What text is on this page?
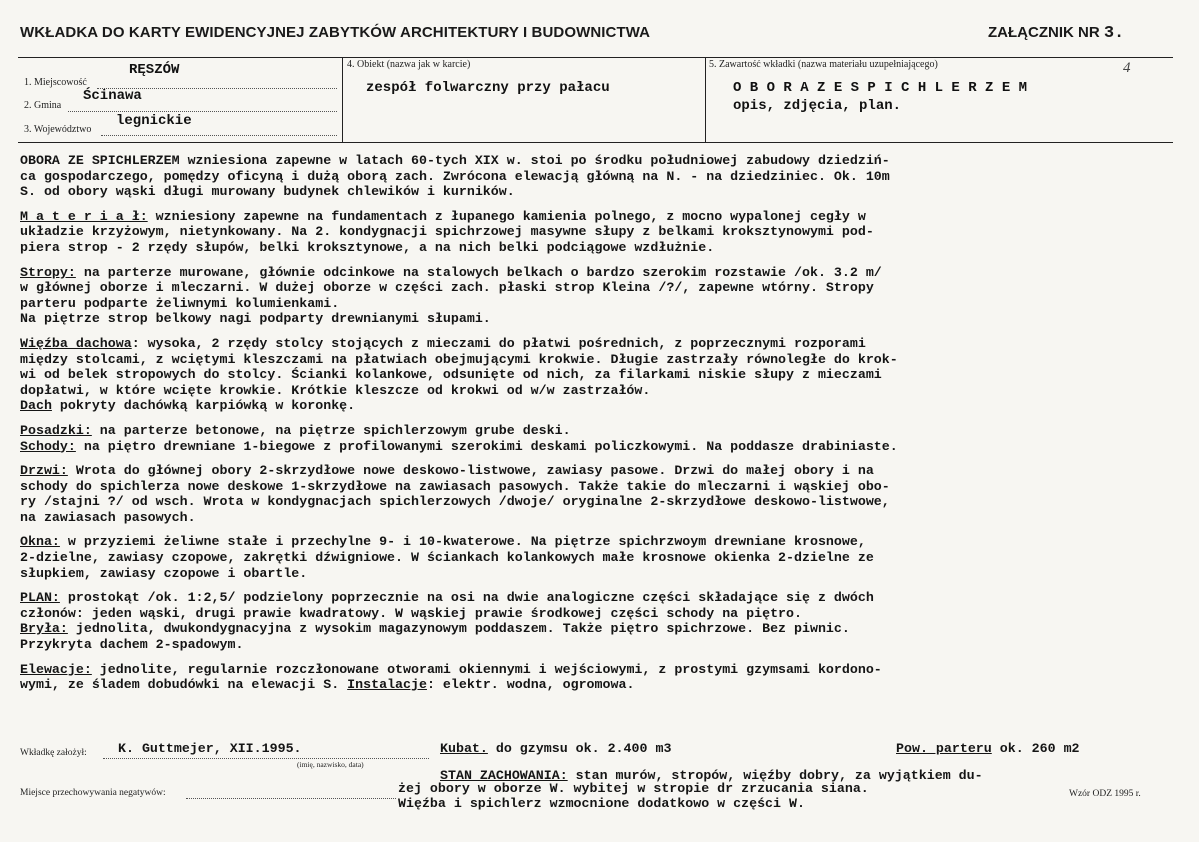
WKŁADKA DO KARTY EWIDENCYJNEJ ZABYTKÓW ARCHITEKTURY I BUDOWNICTWA	ZAŁĄCZNIK NR 3.
1. Miejscowość
RĘSZÓW
2. Gmina
Ścinawa
3. Województwo
legnickie
4. Obiekt (nazwa jak w karcie)
zespół folwarczny przy pałacu
5. Zawartość wkładki (nazwa materiału uzupełniającego)	4
O B O R A Z E S P I C H L E R Z E M
opis, zdjęcia, plan.
OBORA ZE SPICHLERZEM wzniesiona zapewne w latach 60-tych XIX w. stoi po środku południowej zabudowy dziedziń-
ca gospodarczego, pomędzy oficyną i dużą oborą zach. Zwrócona elewacją główną na N. - na dziedziniec. Ok. 10m
S. od obory wąski długi murowany budynek chlewików i kurników.
M a t e r i a ł: wzniesiony zapewne na fundamentach z łupanego kamienia polnego, z mocno wypalonej cegły w
układzie krzyżowym, nietynkowany. Na 2. kondygnacji spichrzowej masywne słupy z belkami kroksztynowymi pod-
piera strop - 2 rzędy słupów, belki kroksztynowe, a na nich belki podciągowe wzdłużnie.
Stropy: na parterze murowane, głównie odcinkowe na stalowych belkach o bardzo szerokim rozstawie /ok. 3.2 m/
w głównej oborze i mleczarni. W dużej oborze w części zach. płaski strop Kleina /?/, zapewne wtórny. Stropy
parteru podparte żeliwnymi kolumienkami.
Na piętrze strop belkowy nagi podparty drewnianymi słupami.
Więźba dachowa: wysoka, 2 rzędy stolcy stojących z mieczami do płatwi pośrednich, z poprzecznymi rozporami
między stolcami, z wciętymi kleszczami na płatwiach obejmującymi krokwie. Długie zastrzały równoległe do krok-
wi od belek stropowych do stolcy. Ścianki kolankowe, odsunięte od nich, za filarkami niskie słupy z mieczami
dopłatwi, w które wcięte krowkie. Krótkie kleszcze od krokwi od w/w zastrzałów.
Dach pokryty dachówką karpiówką w koronkę.
Posadzki: na parterze betonowe, na piętrze spichlerzowym grube deski.
Schody: na piętro drewniane 1-biegowe z profilowanymi szerokimi deskami policzkowymi. Na poddasze drabiniaste.
Drzwi: Wrota do głównej obory 2-skrzydłowe nowe deskowo-listwowe, zawiasy pasowe. Drzwi do małej obory i na
schody do spichlerza nowe deskowe 1-skrzydłowe na zawiasach pasowych. Także takie do mleczarni i wąskiej obo-
ry /stajni ?/ od wsch. Wrota w kondygnacjach spichlerzowych /dwoje/ oryginalne 2-skrzydłowe deskowo-listwowe,
na zawiasach pasowych.
Okna: w przyziemi żeliwne stałe i przechylne 9- i 10-kwaterowe. Na piętrze spichrzwoym drewniane krosnowe,
2-dzielne, zawiasy czopowe, zakrętki dźwigniowe. W ściankach kolankowych małe krosnowe okienka 2-dzielne ze
słupkiem, zawiasy czopowe i obartle.
PLAN: prostokąt /ok. 1:2,5/ podzielony poprzecznie na osi na dwie analogiczne części składające się z dwóch
członów: jeden wąski, drugi prawie kwadratowy. W wąskiej prawie środkowej części schody na piętro.
Bryła: jednolita, dwukondygnacyjna z wysokim magazynowym poddaszem. Także piętro spichrzowe. Bez piwnic.
Przykryta dachem 2-spadowym.
Elewacje: jednolite, regularnie rozczłonowane otworami okiennymi i wejściowymi, z prostymi gzymsami kordono-
wymi, ze śladem dobudówki na elewacji S. Instalacje: elektr. wodna, ogromowa.
Wkładkę założył: K. Guttmejer, XII.1995.
(imię, nazwisko, data)
Kubat. do gzymsu ok. 2.400 m3	Pow. parteru ok. 260 m2
Miejsce przechowywania negatywów:
STAN ZACHOWANIA: stan murów, stropów, więźby dobry, za wyjątkiem du-
żej obory w oborze W. wybitej w stropie dr zrzucania siana.
Więźba i spichlerz wzmocnione dodatkowo w części W.
Wzór ODZ 1995 r.
